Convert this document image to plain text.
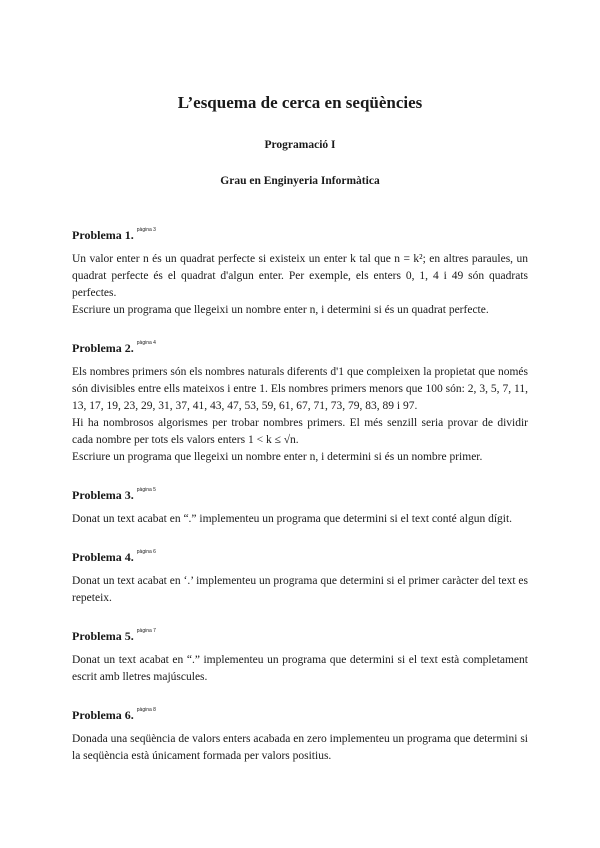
L’esquema de cerca en seqüències
Programació I
Grau en Enginyeria Informàtica
Problema 1. $^{pàgina 3}$

Un valor enter n és un quadrat perfecte si existeix un enter k tal que n = k²; en altres paraules, un quadrat perfecte és el quadrat d'algun enter. Per exemple, els enters 0, 1, 4 i 49 són quadrats perfectes.

Escriure un programa que llegeixi un nombre enter n, i determini si és un quadrat perfecte.

Problema 2. $^{pàgina 4}$

Els nombres primers són els nombres naturals diferents d'1 que compleixen la propietat que només són divisibles entre ells mateixos i entre 1. Els nombres primers menors que 100 són: 2, 3, 5, 7, 11, 13, 17, 19, 23, 29, 31, 37, 41, 43, 47, 53, 59, 61, 67, 71, 73, 79, 83, 89 i 97.

Hi ha nombrosos algorismes per trobar nombres primers. El més senzill seria provar de dividir cada nombre per tots els valors enters 1 < k ≤ √n.

Escriure un programa que llegeixi un nombre enter n, i determini si és un nombre primer.

Problema 3. $^{pàgina 5}$

Donat un text acabat en “.” implementeu un programa que determini si el text conté algun dígit.

Problema 4. $^{pàgina 6}$

Donat un text acabat en ‘.’ implementeu un programa que determini si el primer caràcter del text es repeteix.

Problema 5. $^{pàgina 7}$

Donat un text acabat en “.” implementeu un programa que determini si el text està completament escrit amb lletres majúscules.

Problema 6. $^{pàgina 8}$

Donada una seqüència de valors enters acabada en zero implementeu un programa que determini si la seqüència està únicament formada per valors positius.
